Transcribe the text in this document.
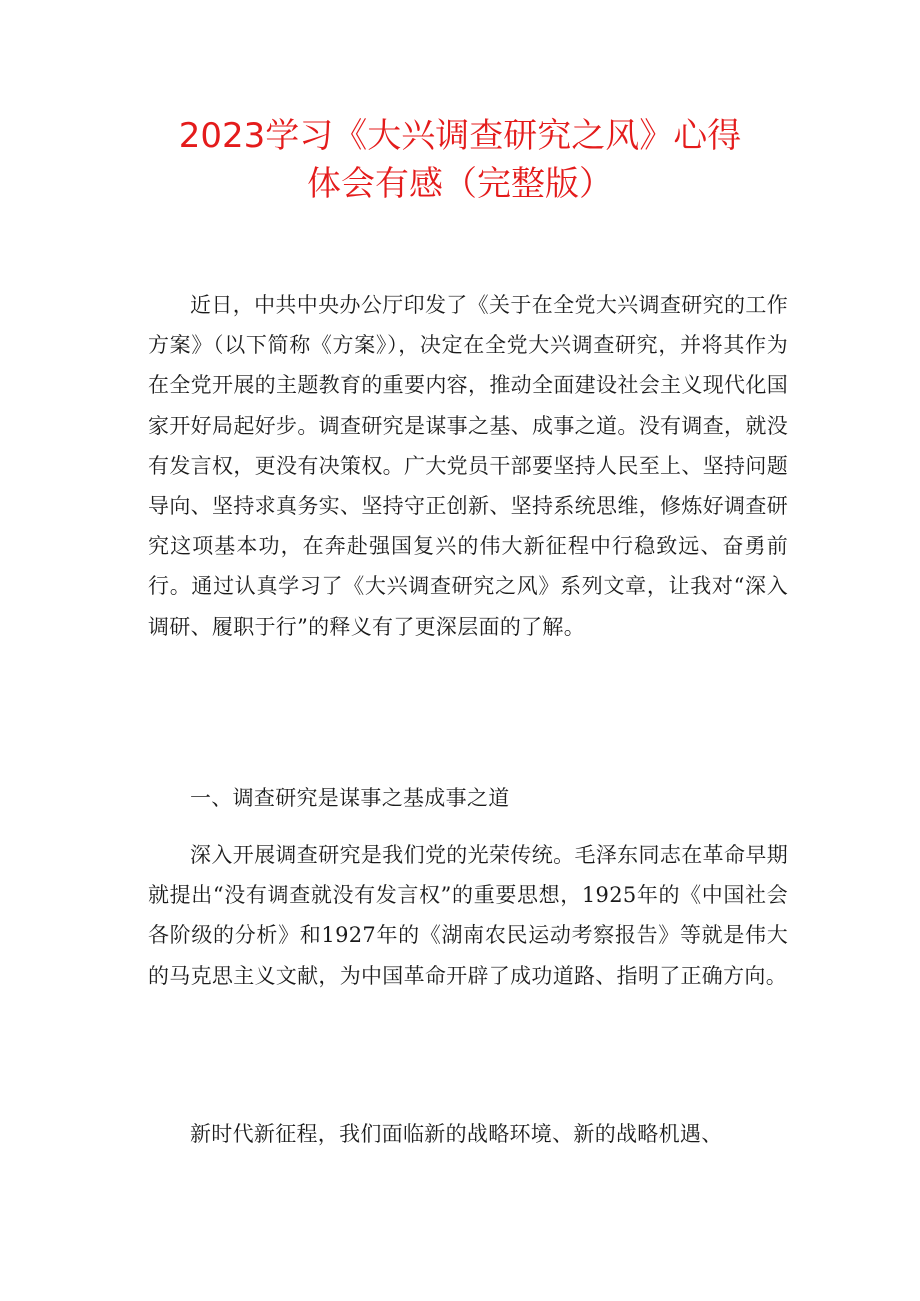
2023学习《大兴调查研究之风》心得
体会有感（完整版）

近日，中共中央办公厅印发了《关于在全党大兴调查研究的工作方案》（以下简称《方案》），决定在全党大兴调查研究，并将其作为在全党开展的主题教育的重要内容，推动全面建设社会主义现代化国家开好局起好步。调查研究是谋事之基、成事之道。没有调查，就没有发言权，更没有决策权。广大党员干部要坚持人民至上、坚持问题导向、坚持求真务实、坚持守正创新、坚持系统思维，修炼好调查研究这项基本功，在奔赴强国复兴的伟大新征程中行稳致远、奋勇前行。通过认真学习了《大兴调查研究之风》系列文章，让我对“深入调研、履职于行”的释义有了更深层面的了解。

一、调查研究是谋事之基成事之道

深入开展调查研究是我们党的光荣传统。毛泽东同志在革命早期就提出“没有调查就没有发言权”的重要思想，1925年的《中国社会各阶级的分析》和1927年的《湖南农民运动考察报告》等就是伟大的马克思主义文献，为中国革命开辟了成功道路、指明了正确方向。

新时代新征程，我们面临新的战略环境、新的战略机遇、
